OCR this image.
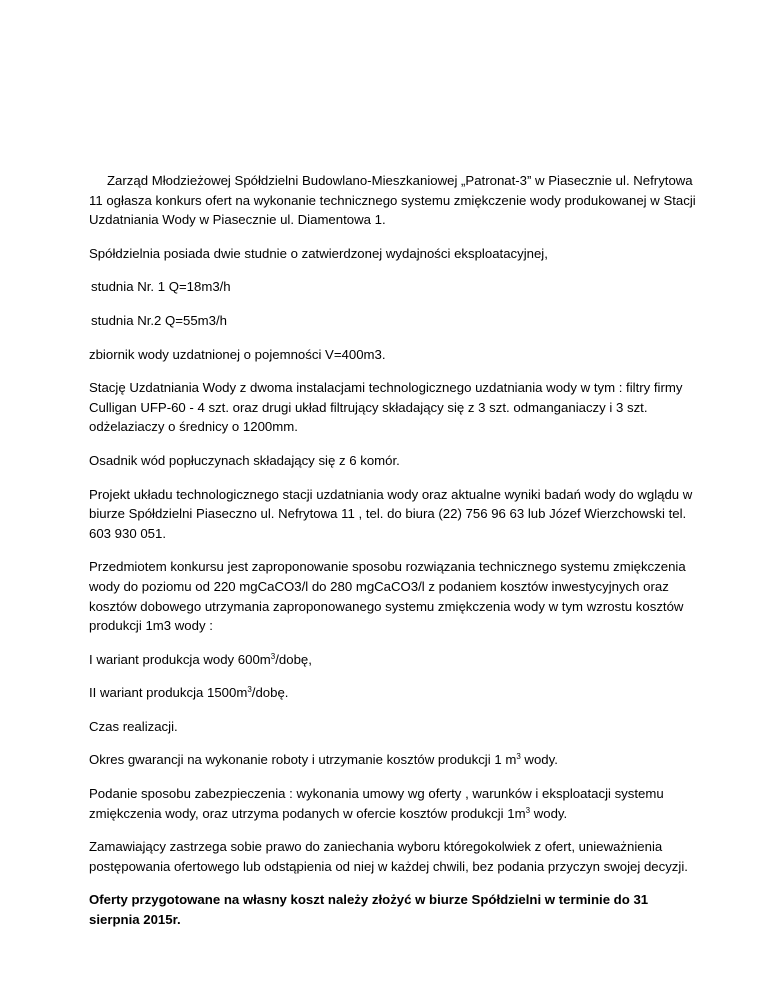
Zarząd Młodzieżowej Spółdzielni Budowlano-Mieszkaniowej „Patronat-3” w Piasecznie ul. Nefrytowa 11 ogłasza konkurs ofert na wykonanie technicznego systemu zmiękczenie wody produkowanej w Stacji Uzdatniania Wody w Piasecznie ul. Diamentowa 1.

Spółdzielnia posiada dwie studnie o zatwierdzonej wydajności eksploatacyjnej,

studnia Nr. 1 Q=18m3/h

studnia Nr.2 Q=55m3/h

zbiornik wody uzdatnionej o pojemności V=400m3.

Stację Uzdatniania Wody z dwoma instalacjami technologicznego uzdatniania wody w tym : filtry firmy Culligan UFP-60 - 4 szt. oraz drugi układ filtrujący składający się z 3 szt. odmanganiaczy i 3 szt. odżelaziaczy o średnicy o 1200mm.

Osadnik wód popłuczynach składający się z 6 komór.

Projekt układu technologicznego stacji uzdatniania wody oraz aktualne wyniki badań wody do wglądu w biurze Spółdzielni Piaseczno ul. Nefrytowa 11 , tel. do biura (22) 756 96 63 lub Józef Wierzchowski tel. 603 930 051.

Przedmiotem konkursu jest zaproponowanie sposobu rozwiązania technicznego systemu zmiękczenia wody do poziomu od 220 mgCaCO3/l do 280 mgCaCO3/l z podaniem kosztów inwestycyjnych oraz kosztów dobowego utrzymania zaproponowanego systemu zmiękczenia wody w tym wzrostu kosztów produkcji 1m3 wody :

I wariant produkcja wody $600m^3$/dobę,

II wariant produkcja $1500m^3$/dobę.

Czas realizacji.

Okres gwarancji na wykonanie roboty i utrzymanie kosztów produkcji 1 $m^3$ wody.

Podanie sposobu zabezpieczenia : wykonania umowy wg oferty , warunków i eksploatacji systemu zmiękczenia wody, oraz utrzyma podanych w ofercie kosztów produkcji $1m^3$ wody.

Zamawiający zastrzega sobie prawo do zaniechania wyboru któregokolwiek z ofert, unieważnienia postępowania ofertowego lub odstąpienia od niej w każdej chwili, bez podania przyczyn swojej decyzji.

Oferty przygotowane na własny koszt należy złożyć w biurze Spółdzielni w terminie do 31 sierpnia 2015r.
